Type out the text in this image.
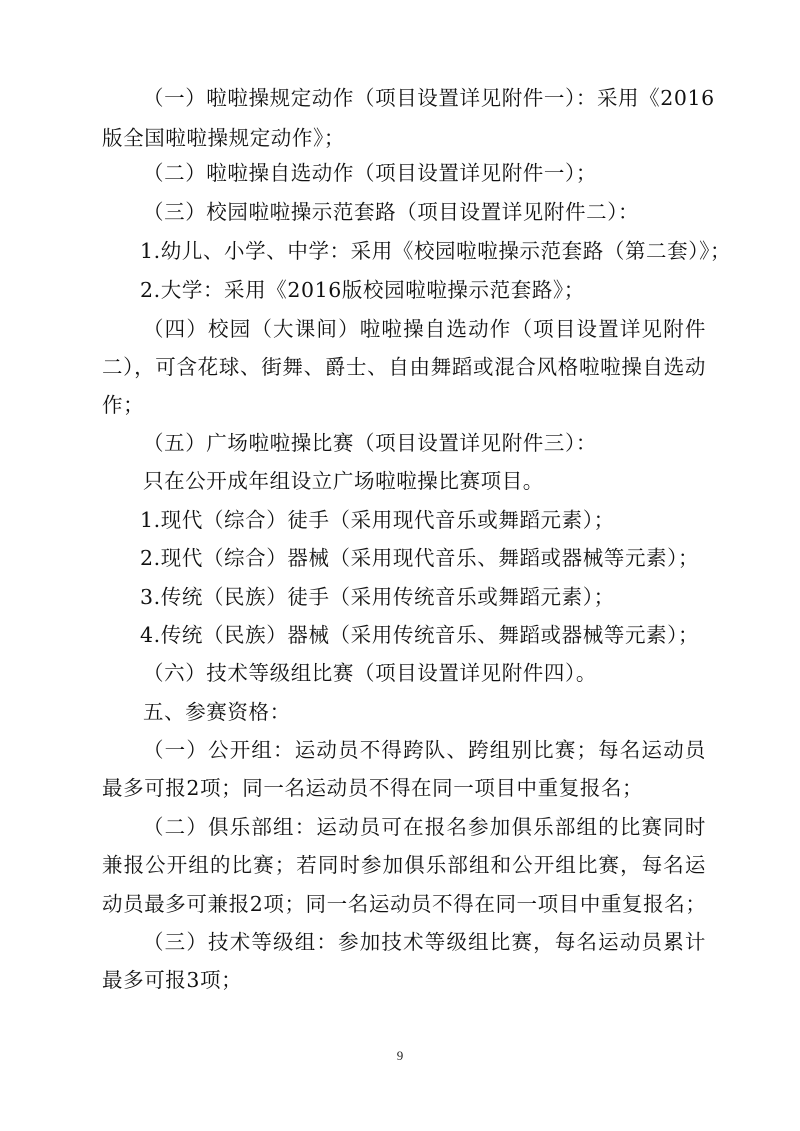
（一）啦啦操规定动作（项目设置详见附件一）：采用《2016
版全国啦啦操规定动作》；
（二）啦啦操自选动作（项目设置详见附件一）；
（三）校园啦啦操示范套路（项目设置详见附件二）：
1.幼儿、小学、中学：采用《校园啦啦操示范套路（第二套）》；
2.大学：采用《2016版校园啦啦操示范套路》；
（四）校园（大课间）啦啦操自选动作（项目设置详见附件
二），可含花球、街舞、爵士、自由舞蹈或混合风格啦啦操自选动
作；
（五）广场啦啦操比赛（项目设置详见附件三）：
只在公开成年组设立广场啦啦操比赛项目。
1.现代（综合）徒手（采用现代音乐或舞蹈元素）；
2.现代（综合）器械（采用现代音乐、舞蹈或器械等元素）；
3.传统（民族）徒手（采用传统音乐或舞蹈元素）；
4.传统（民族）器械（采用传统音乐、舞蹈或器械等元素）；
（六）技术等级组比赛（项目设置详见附件四）。
五、参赛资格：
（一）公开组：运动员不得跨队、跨组别比赛；每名运动员
最多可报2项；同一名运动员不得在同一项目中重复报名；
（二）俱乐部组：运动员可在报名参加俱乐部组的比赛同时
兼报公开组的比赛；若同时参加俱乐部组和公开组比赛，每名运
动员最多可兼报2项；同一名运动员不得在同一项目中重复报名；
（三）技术等级组：参加技术等级组比赛，每名运动员累计
最多可报3项；
9
